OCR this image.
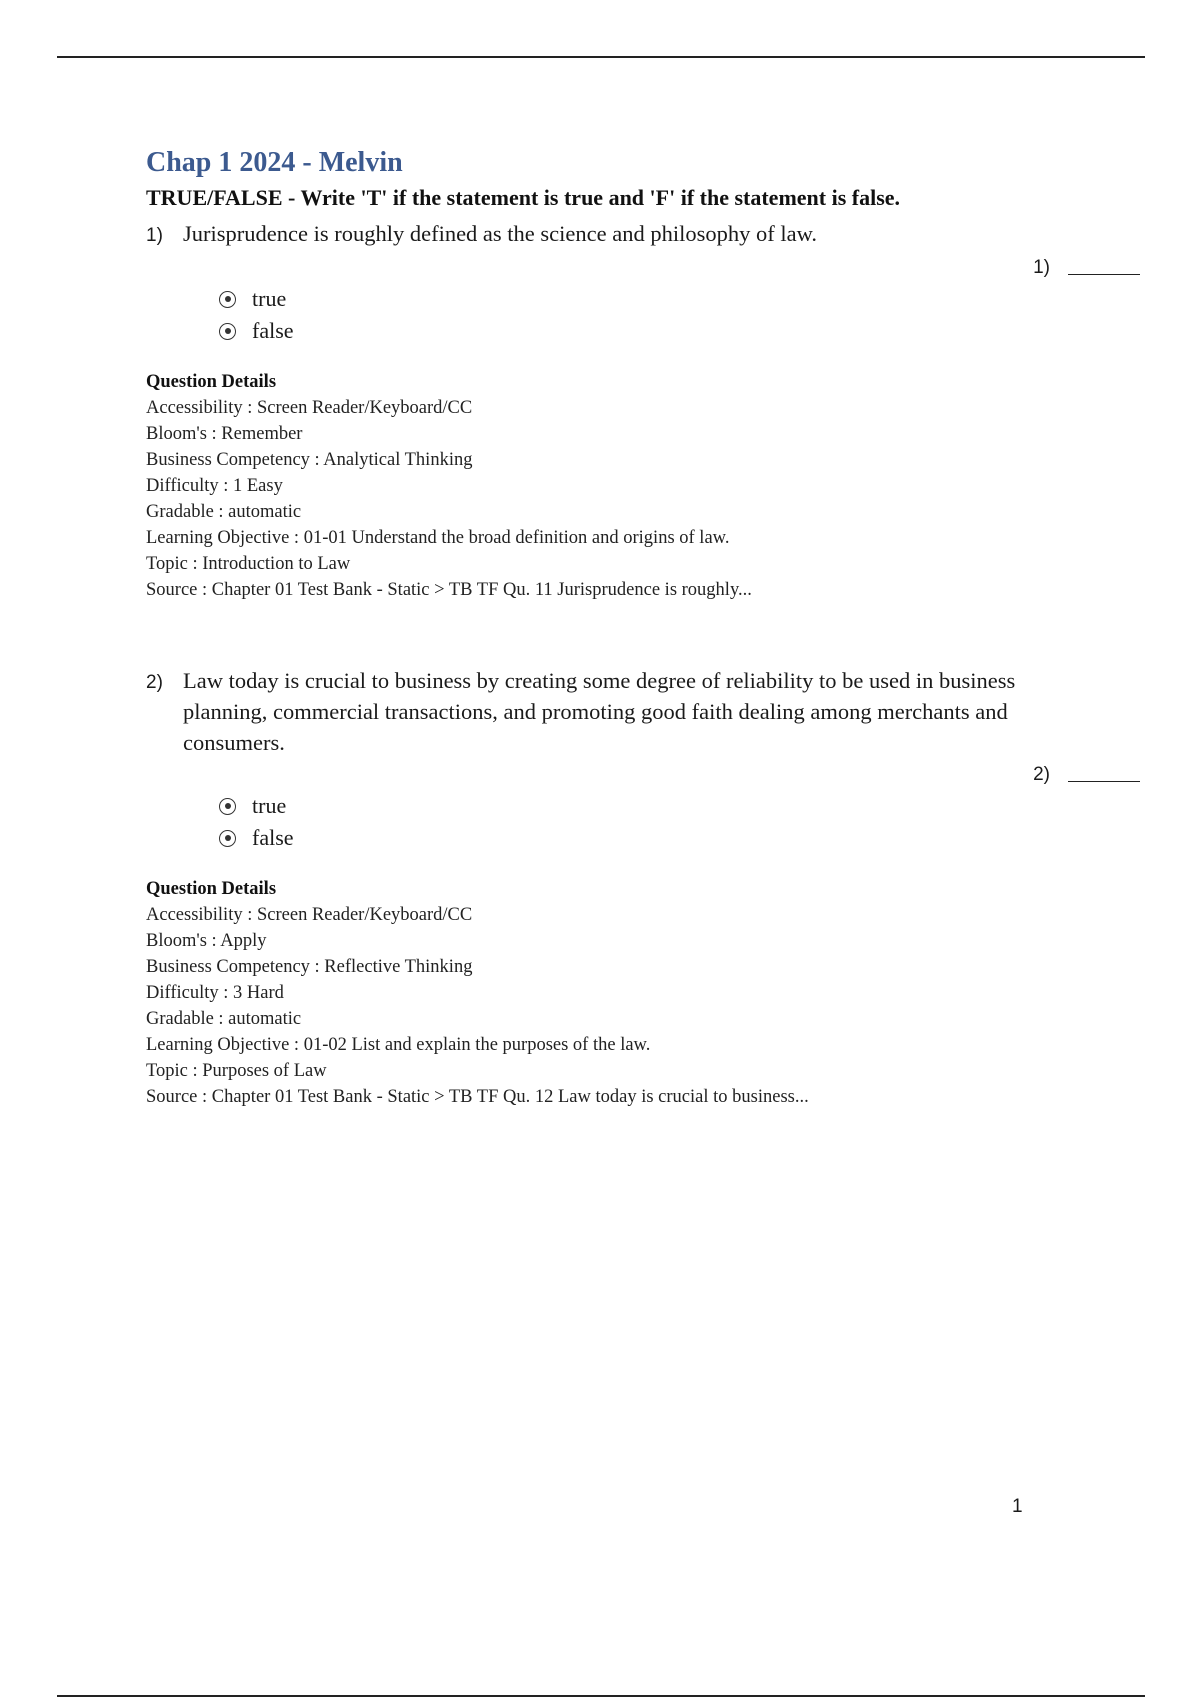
Chap 1 2024 - Melvin
TRUE/FALSE - Write 'T' if the statement is true and 'F' if the statement is false.
1) Jurisprudence is roughly defined as the science and philosophy of law.
1)
true
false
Question Details
Accessibility : Screen Reader/Keyboard/CC
Bloom's : Remember
Business Competency : Analytical Thinking
Difficulty : 1 Easy
Gradable : automatic
Learning Objective : 01-01 Understand the broad definition and origins of law.
Topic : Introduction to Law
Source : Chapter 01 Test Bank - Static > TB TF Qu. 11 Jurisprudence is roughly...
2) Law today is crucial to business by creating some degree of reliability to be used in business planning, commercial transactions, and promoting good faith dealing among merchants and consumers.
2)
true
false
Question Details
Accessibility : Screen Reader/Keyboard/CC
Bloom's : Apply
Business Competency : Reflective Thinking
Difficulty : 3 Hard
Gradable : automatic
Learning Objective : 01-02 List and explain the purposes of the law.
Topic : Purposes of Law
Source : Chapter 01 Test Bank - Static > TB TF Qu. 12 Law today is crucial to business...
1
